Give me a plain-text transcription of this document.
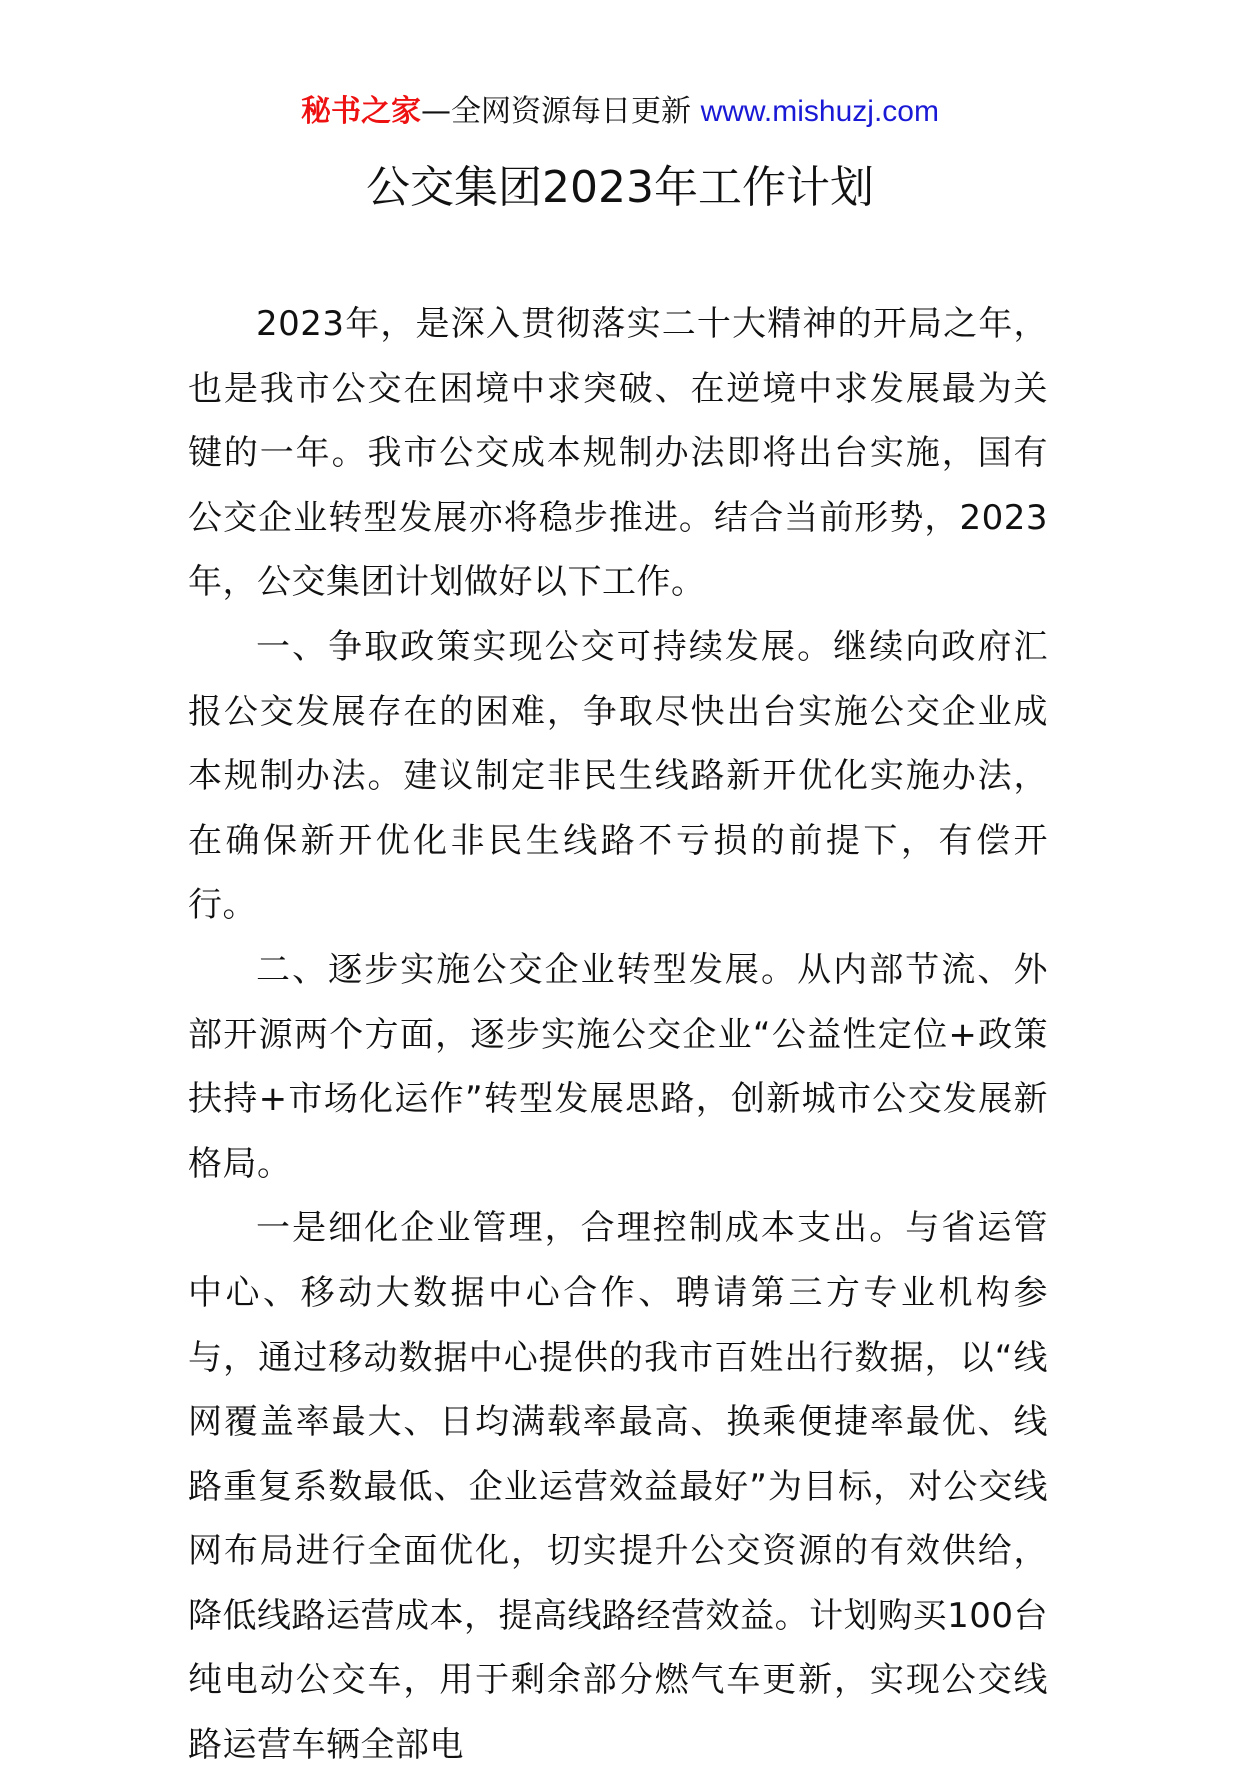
秘书之家—全网资源每日更新 www.mishuzj.com
公交集团2023年工作计划

2023年，是深入贯彻落实二十大精神的开局之年，也是我市公交在困境中求突破、在逆境中求发展最为关键的一年。我市公交成本规制办法即将出台实施，国有公交企业转型发展亦将稳步推进。结合当前形势，2023年，公交集团计划做好以下工作。

一、争取政策实现公交可持续发展。继续向政府汇报公交发展存在的困难，争取尽快出台实施公交企业成本规制办法。建议制定非民生线路新开优化实施办法，在确保新开优化非民生线路不亏损的前提下，有偿开行。

二、逐步实施公交企业转型发展。从内部节流、外部开源两个方面，逐步实施公交企业“公益性定位+政策扶持+市场化运作”转型发展思路，创新城市公交发展新格局。

一是细化企业管理，合理控制成本支出。与省运管中心、移动大数据中心合作、聘请第三方专业机构参与，通过移动数据中心提供的我市百姓出行数据，以“线网覆盖率最大、日均满载率最高、换乘便捷率最优、线路重复系数最低、企业运营效益最好”为目标，对公交线网布局进行全面优化，切实提升公交资源的有效供给，降低线路运营成本，提高线路经营效益。计划购买100台纯电动公交车，用于剩余部分燃气车更新，实现公交线路运营车辆全部电
